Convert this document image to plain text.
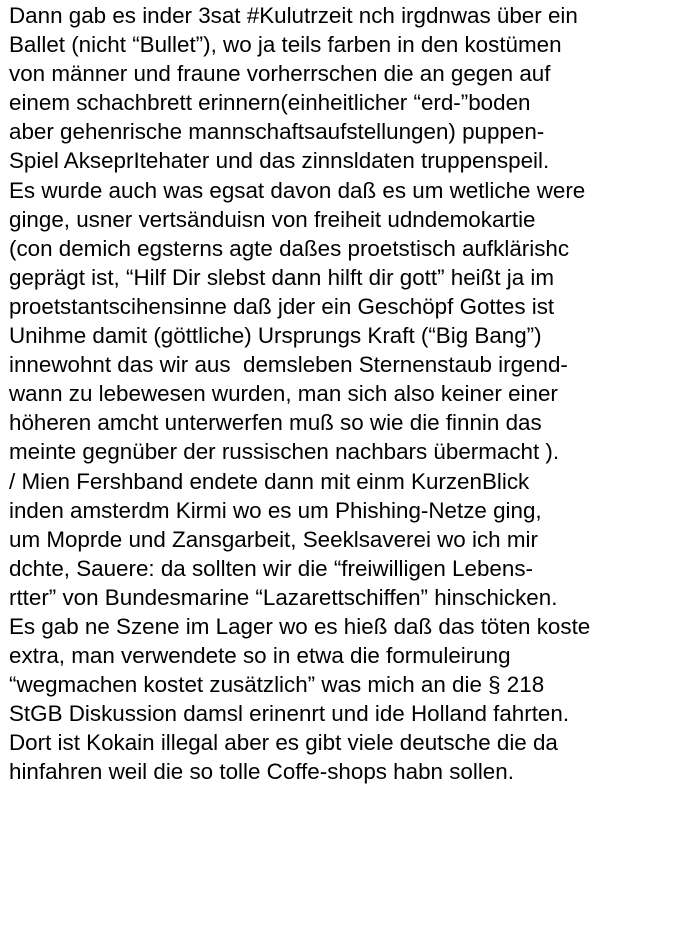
Dann gab es inder 3sat #Kulutrzeit nch irgdnwas über ein
Ballet (nicht “Bullet”), wo ja teils farben in den kostümen
von männer und fraune vorherrschen die an gegen auf
einem schachbrett erinnern(einheitlicher “erd-”boden
aber gehenrische mannschaftsaufstellungen) puppen-
Spiel AkseprItehater und das zinnsldaten truppenspeil.
Es wurde auch was egsat davon daß es um wetliche were
ginge, usner vertsänduisn von freiheit udndemokartie
(con demich egsterns agte daßes proetstisch aufklärishc
geprägt ist, “Hilf Dir slebst dann hilft dir gott” heißt ja im
proetstantscihensinne daß jder ein Geschöpf Gottes ist
Unihme damit (göttliche) Ursprungs Kraft (“Big Bang”)
innewohnt das wir aus  demsleben Sternenstaub irgend-
wann zu lebewesen wurden, man sich also keiner einer
höheren amcht unterwerfen muß so wie die finnin das
meinte gegnüber der russischen nachbars übermacht ).
/ Mien Fershband endete dann mit einm KurzenBlick
inden amsterdm Kirmi wo es um Phishing-Netze ging,
um Moprde und Zansgarbeit, Seeklsaverei wo ich mir
dchte, Sauere: da sollten wir die “freiwilligen Lebens-
rtter” von Bundesmarine “Lazarettschiffen” hinschicken.
Es gab ne Szene im Lager wo es hieß daß das töten koste
extra, man verwendete so in etwa die formuleirung
“wegmachen kostet zusätzlich” was mich an die § 218
StGB Diskussion damsl erinenrt und ide Holland fahrten.
Dort ist Kokain illegal aber es gibt viele deutsche die da
hinfahren weil die so tolle Coffe-shops habn sollen.
